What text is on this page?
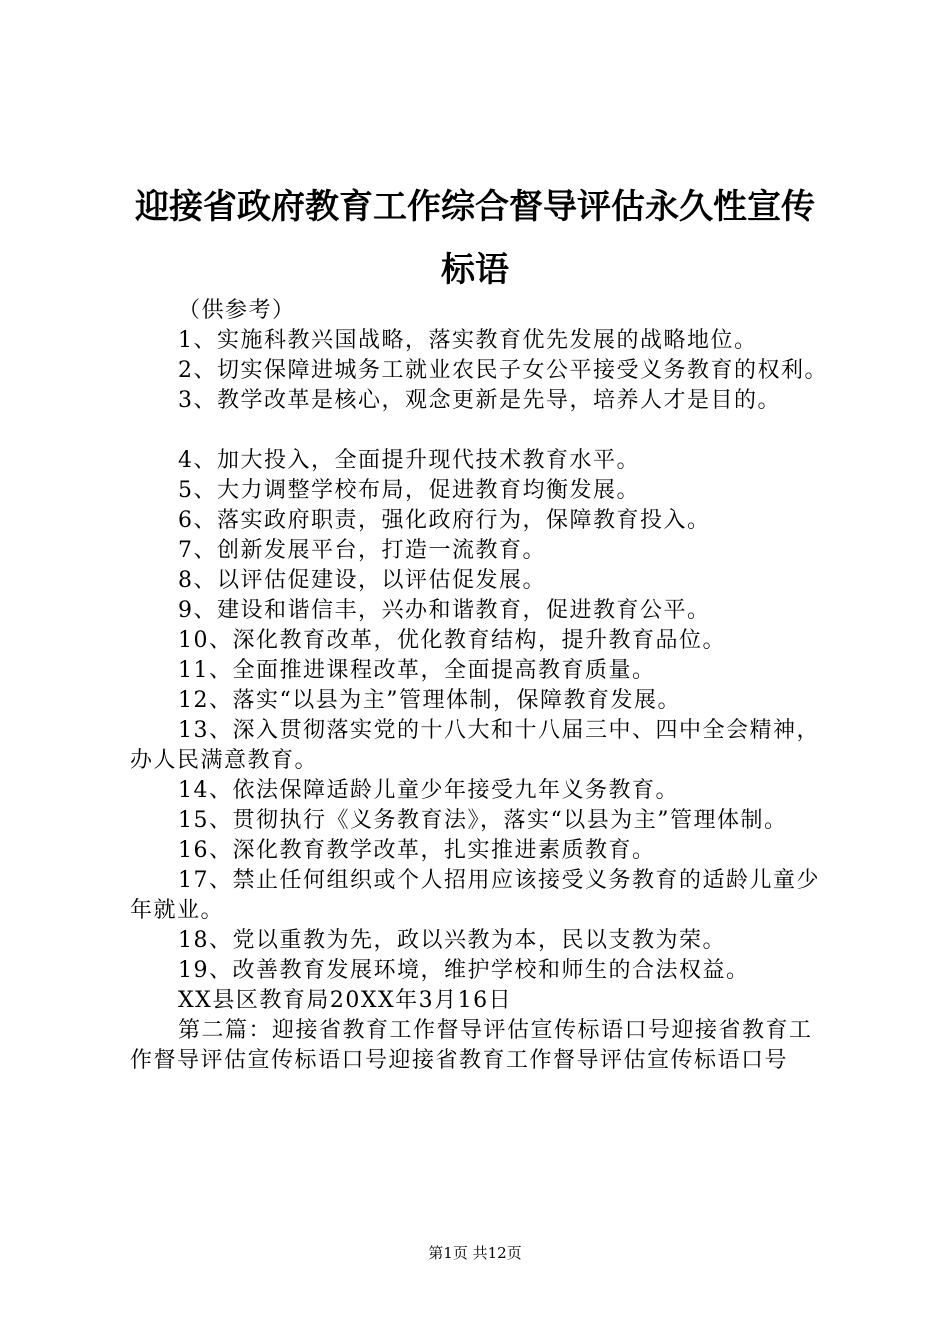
迎接省政府教育工作综合督导评估永久性宣传
标语

（供参考）

1、实施科教兴国战略，落实教育优先发展的战略地位。

2、切实保障进城务工就业农民子女公平接受义务教育的权利。

3、教学改革是核心，观念更新是先导，培养人才是目的。

4、加大投入，全面提升现代技术教育水平。

5、大力调整学校布局，促进教育均衡发展。

6、落实政府职责，强化政府行为，保障教育投入。

7、创新发展平台，打造一流教育。

8、以评估促建设，以评估促发展。

9、建设和谐信丰，兴办和谐教育，促进教育公平。

10、深化教育改革，优化教育结构，提升教育品位。

11、全面推进课程改革，全面提高教育质量。

12、落实“以县为主”管理体制，保障教育发展。

13、深入贯彻落实党的十八大和十八届三中、四中全会精神，办人民满意教育。

14、依法保障适龄儿童少年接受九年义务教育。

15、贯彻执行《义务教育法》，落实“以县为主”管理体制。

16、深化教育教学改革，扎实推进素质教育。

17、禁止任何组织或个人招用应该接受义务教育的适龄儿童少年就业。

18、党以重教为先，政以兴教为本，民以支教为荣。

19、改善教育发展环境，维护学校和师生的合法权益。

XX县区教育局20XX年3月16日

第二篇：迎接省教育工作督导评估宣传标语口号迎接省教育工作督导评估宣传标语口号迎接省教育工作督导评估宣传标语口号

第1页 共12页
